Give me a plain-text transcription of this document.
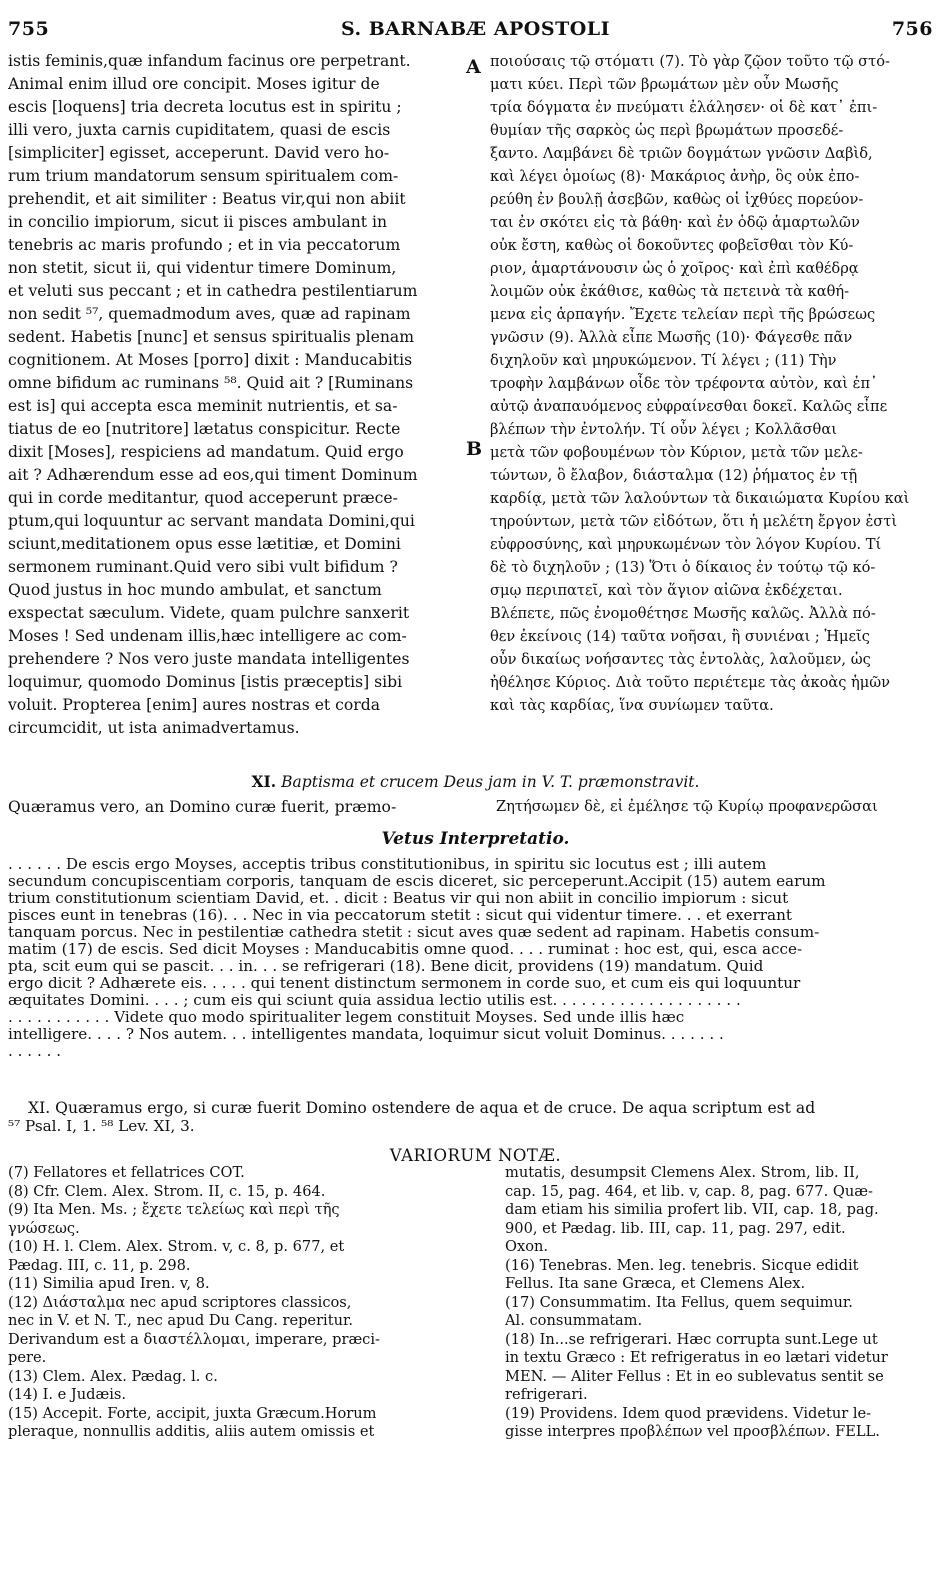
755	S. BARNABÆ APOSTOLI	756
A
B

istis feminis,quæ infandum facinus ore perpetrant.

Animal enim illud ore concipit. Moses igitur de

escis [loquens] tria decreta locutus est in spiritu ;

illi vero, juxta carnis cupiditatem, quasi de escis

[simpliciter] egisset, acceperunt. David vero ho-

rum trium mandatorum sensum spiritualem com-

prehendit, et ait similiter : Beatus vir,qui non abiit

in concilio impiorum, sicut ii pisces ambulant in

tenebris ac maris profundo ; et in via peccatorum

non stetit, sicut ii, qui videntur timere Dominum,

et veluti sus peccant ; et in cathedra pestilentiarum

non sedit ⁵⁷, quemadmodum aves, quæ ad rapinam

sedent. Habetis [nunc] et sensus spiritualis plenam

cognitionem. At Moses [porro] dixit : Manducabitis

omne bifidum ac ruminans ⁵⁸. Quid ait ? [Ruminans

est is] qui accepta esca meminit nutrientis, et sa-

tiatus de eo [nutritore] lætatus conspicitur. Recte

dixit [Moses], respiciens ad mandatum. Quid ergo

ait ? Adhærendum esse ad eos,qui timent Dominum

qui in corde meditantur, quod acceperunt præce-

ptum,qui loquuntur ac servant mandata Domini,qui

sciunt,meditationem opus esse lætitiæ, et Domini

sermonem ruminant.Quid vero sibi vult bifidum ?

Quod justus in hoc mundo ambulat, et sanctum

exspectat sæculum. Videte, quam pulchre sanxerit

Moses ! Sed undenam illis,hæc intelligere ac com-

prehendere ? Nos vero juste mandata intelligentes

loquimur, quomodo Dominus [istis præceptis] sibi

voluit. Propterea [enim] aures nostras et corda

circumcidit, ut ista animadvertamus.

ποιούσαις τῷ στόματι (7). Τὸ γὰρ ζῷον τοῦτο τῷ στό-

ματι κύει. Περὶ τῶν βρωμάτων μὲν οὖν Μωσῆς

τρία δόγματα ἐν πνεύματι ἐλάλησεν· οἱ δὲ κατ᾽ ἐπι-

θυμίαν τῆς σαρκὸς ὡς περὶ βρωμάτων προσεδέ-

ξαντο. Λαμβάνει δὲ τριῶν δογμάτων γνῶσιν Δαβὶδ,

καὶ λέγει ὁμοίως (8)· Μακάριος ἀνὴρ, ὃς οὐκ ἐπο-

ρεύθη ἐν βουλῇ ἀσεβῶν, καθὼς οἱ ἰχθύες πορεύον-

ται ἐν σκότει εἰς τὰ βάθη· καὶ ἐν ὁδῷ ἁμαρτωλῶν

οὐκ ἔστη, καθὼς οἱ δοκοῦντες φοβεῖσθαι τὸν Κύ-

ριον, ἁμαρτάνουσιν ὡς ὁ χοῖρος· καὶ ἐπὶ καθέδρᾳ

λοιμῶν οὐκ ἐκάθισε, καθὼς τὰ πετεινὰ τὰ καθή-

μενα εἰς ἁρπαγήν. Ἔχετε τελείαν περὶ τῆς βρώσεως

γνῶσιν (9). Ἀλλὰ εἶπε Μωσῆς (10)· Φάγεσθε πᾶν

διχηλοῦν καὶ μηρυκώμενον. Τί λέγει ; (11) Τὴν

τροφὴν λαμβάνων οἶδε τὸν τρέφοντα αὐτὸν, καὶ ἐπ᾽

αὐτῷ ἀναπαυόμενος εὐφραίνεσθαι δοκεῖ. Καλῶς εἶπε

βλέπων τὴν ἐντολήν. Τί οὖν λέγει ; Κολλᾶσθαι

μετὰ τῶν φοβουμένων τὸν Κύριον, μετὰ τῶν μελε-

τώντων, ὃ ἔλαβον, διάσταλμα (12) ῥήματος ἐν τῇ

καρδίᾳ, μετὰ τῶν λαλούντων τὰ δικαιώματα Κυρίου καὶ

τηρούντων, μετὰ τῶν εἰδότων, ὅτι ἡ μελέτη ἔργον ἐστὶ

εὐφροσύνης, καὶ μηρυκωμένων τὸν λόγον Κυρίου. Τί

δὲ τὸ διχηλοῦν ; (13) Ὅτι ὁ δίκαιος ἐν τούτῳ τῷ κό-

σμῳ περιπατεῖ, καὶ τὸν ἅγιον αἰῶνα ἐκδέχεται.

Βλέπετε, πῶς ἐνομοθέτησε Μωσῆς καλῶς. Ἀλλὰ πό-

θεν ἐκείνοις (14) ταῦτα νοῆσαι, ἢ συνιέναι ; Ἡμεῖς

οὖν δικαίως νοήσαντες τὰς ἐντολὰς, λαλοῦμεν, ὡς

ἠθέλησε Κύριος. Διὰ τοῦτο περιέτεμε τὰς ἀκοὰς ἡμῶν

καὶ τὰς καρδίας, ἵνα συνίωμεν ταῦτα.

XI. Baptisma et crucem Deus jam in V. T. præmonstravit.
Quæramus vero, an Domino curæ fuerit, præmo-	Ζητήσωμεν δὲ, εἰ ἐμέλησε τῷ Κυρίῳ προφανερῶσαι
Vetus Interpretatio.

. . . . . . De escis ergo Moyses, acceptis tribus constitutionibus, in spiritu sic locutus est ; illi autem

secundum concupiscentiam corporis, tanquam de escis diceret, sic perceperunt.Accipit (15) autem earum

trium constitutionum scientiam David, et. . dicit : Beatus vir qui non abiit in concilio impiorum : sicut

pisces eunt in tenebras (16). . . Nec in via peccatorum stetit : sicut qui videntur timere. . . et exerrant

tanquam porcus. Nec in pestilentiæ cathedra stetit : sicut aves quæ sedent ad rapinam. Habetis consum-

matim (17) de escis. Sed dicit Moyses : Manducabitis omne quod. . . . ruminat : hoc est, qui, esca acce-

pta, scit eum qui se pascit. . . in. . . se refrigerari (18). Bene dicit, providens (19) mandatum. Quid

ergo dicit ? Adhærete eis. . . . . qui tenent distinctum sermonem in corde suo, et cum eis qui loquuntur

æquitates Domini. . . . ; cum eis qui sciunt quia assidua lectio utilis est. . . . . . . . . . . . . . . . . . . .

. . . . . . . . . . . Videte quo modo spiritualiter legem constituit Moyses. Sed unde illis hæc

intelligere. . . . ? Nos autem. . . intelligentes mandata, loquimur sicut voluit Dominus. . . . . . .

. . . . . .

XI. Quæramus ergo, si curæ fuerit Domino ostendere de aqua et de cruce. De aqua scriptum est ad
⁵⁷ Psal. I, 1. ⁵⁸ Lev. XI, 3.
VARIORUM NOTÆ.

(7) Fellatores et fellatrices COT.

(8) Cfr. Clem. Alex. Strom. II, c. 15, p. 464.

(9) Ita Men. Ms. ; ἔχετε τελείως καὶ περὶ τῆς

γνώσεως.

(10) H. l. Clem. Alex. Strom. v, c. 8, p. 677, et

Pædag. III, c. 11, p. 298.

(11) Similia apud Iren. v, 8.

(12) Διάσταλμα nec apud scriptores classicos,

nec in V. et N. T., nec apud Du Cang. reperitur.

Derivandum est a διαστέλλομαι, imperare, præci-

pere.

(13) Clem. Alex. Pædag. l. c.

(14) I. e Judæis.

(15) Accepit. Forte, accipit, juxta Græcum.Horum

pleraque, nonnullis additis, aliis autem omissis et

mutatis, desumpsit Clemens Alex. Strom, lib. II,

cap. 15, pag. 464, et lib. v, cap. 8, pag. 677. Quæ-

dam etiam his similia profert lib. VII, cap. 18, pag.

900, et Pædag. lib. III, cap. 11, pag. 297, edit.

Oxon.

(16) Tenebras. Men. leg. tenebris. Sicque edidit

Fellus. Ita sane Græca, et Clemens Alex.

(17) Consummatim. Ita Fellus, quem sequimur.

Al. consummatam.

(18) In...se refrigerari. Hæc corrupta sunt.Lege ut

in textu Græco : Et refrigeratus in eo lætari videtur

MEN. — Aliter Fellus : Et in eo sublevatus sentit se

refrigerari.

(19) Providens. Idem quod prævidens. Videtur le-

gisse interpres προβλέπων vel προσβλέπων. FELL.
